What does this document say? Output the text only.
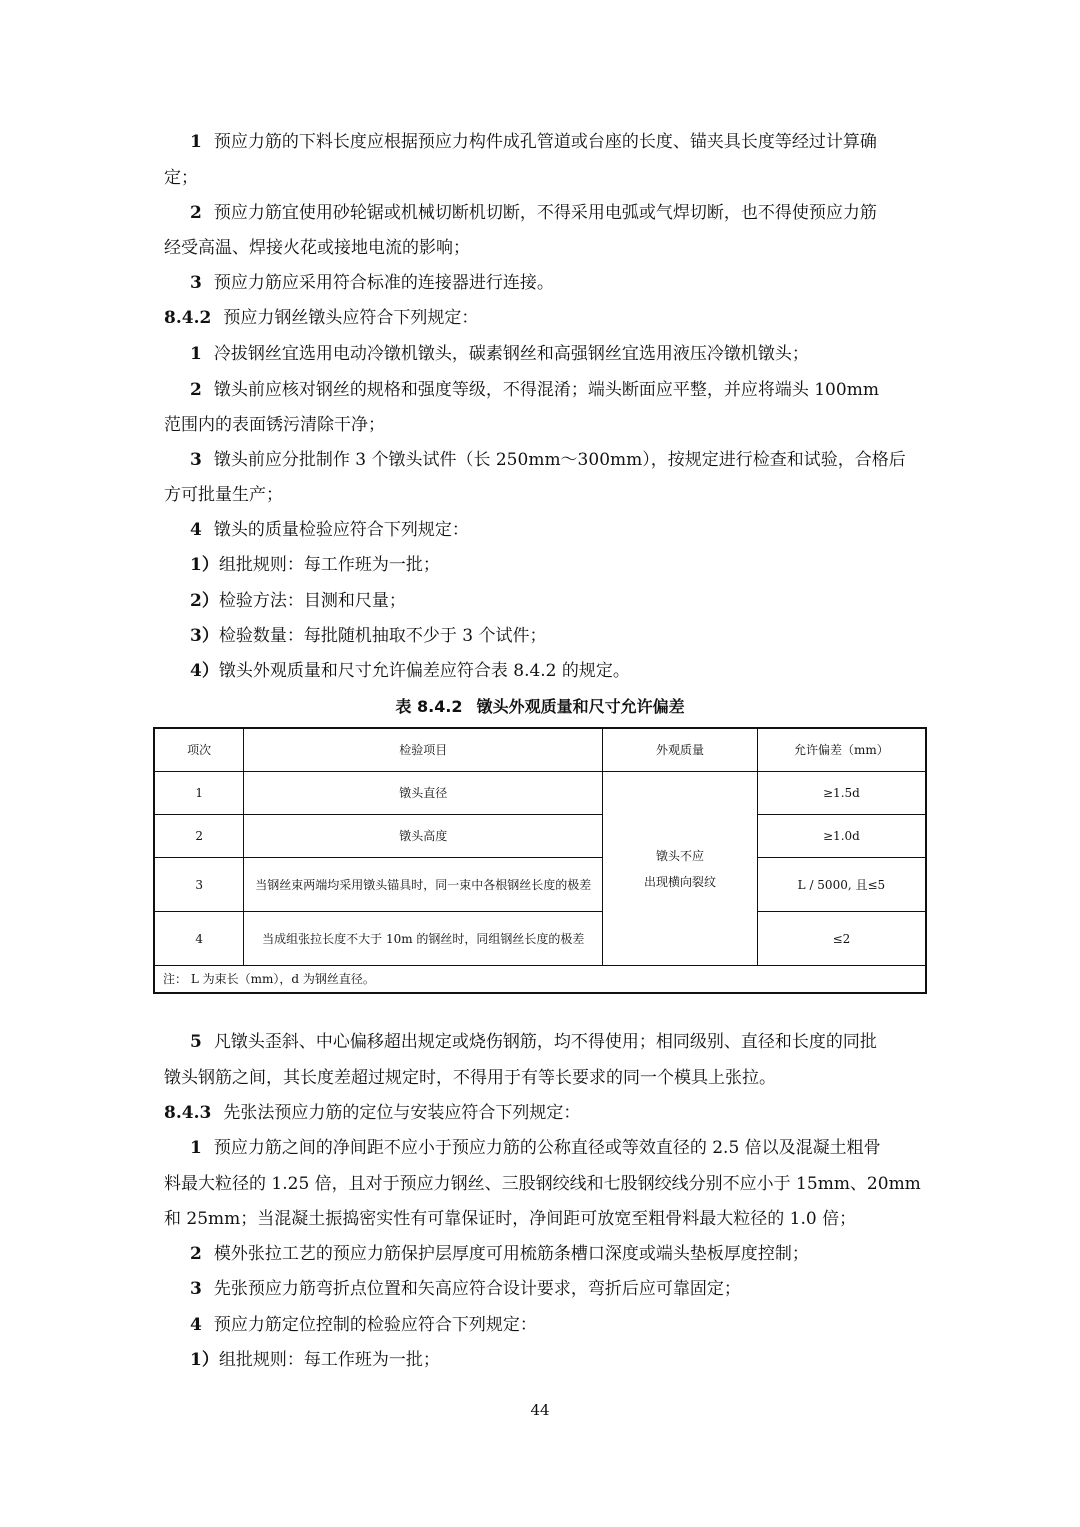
1 预应力筋的下料长度应根据预应力构件成孔管道或台座的长度、锚夹具长度等经过计算确
定；
2 预应力筋宜使用砂轮锯或机械切断机切断，不得采用电弧或气焊切断，也不得使预应力筋
经受高温、焊接火花或接地电流的影响；
3 预应力筋应采用符合标准的连接器进行连接。
8.4.2 预应力钢丝镦头应符合下列规定：
1 冷拔钢丝宜选用电动冷镦机镦头，碳素钢丝和高强钢丝宜选用液压冷镦机镦头；
2 镦头前应核对钢丝的规格和强度等级，不得混淆；端头断面应平整，并应将端头 100mm
范围内的表面锈污清除干净；
3 镦头前应分批制作 3 个镦头试件（长 250mm～300mm），按规定进行检查和试验，合格后
方可批量生产；
4 镦头的质量检验应符合下列规定：
1）组批规则：每工作班为一批；
2）检验方法：目测和尺量；
3）检验数量：每批随机抽取不少于 3 个试件；
4）镦头外观质量和尺寸允许偏差应符合表 8.4.2 的规定。
表 8.4.2 镦头外观质量和尺寸允许偏差
项次	检验项目	外观质量	允许偏差（mm）
1	镦头直径	镦头不应
出现横向裂纹	≥1.5d
2	镦头高度		≥1.0d
3	当钢丝束两端均采用镦头锚具时，同一束中各根钢丝长度的极差		L / 5000, 且≤5
4	当成组张拉长度不大于 10m 的钢丝时，同组钢丝长度的极差		≤2
注： L 为束长（mm），d 为钢丝直径。			
5 凡镦头歪斜、中心偏移超出规定或烧伤钢筋，均不得使用；相同级别、直径和长度的同批
镦头钢筋之间，其长度差超过规定时，不得用于有等长要求的同一个模具上张拉。
8.4.3 先张法预应力筋的定位与安装应符合下列规定：
1 预应力筋之间的净间距不应小于预应力筋的公称直径或等效直径的 2.5 倍以及混凝土粗骨
料最大粒径的 1.25 倍，且对于预应力钢丝、三股钢绞线和七股钢绞线分别不应小于 15mm、20mm
和 25mm；当混凝土振捣密实性有可靠保证时，净间距可放宽至粗骨料最大粒径的 1.0 倍；
2 模外张拉工艺的预应力筋保护层厚度可用梳筋条槽口深度或端头垫板厚度控制；
3 先张预应力筋弯折点位置和矢高应符合设计要求，弯折后应可靠固定；
4 预应力筋定位控制的检验应符合下列规定：
1）组批规则：每工作班为一批；
44
